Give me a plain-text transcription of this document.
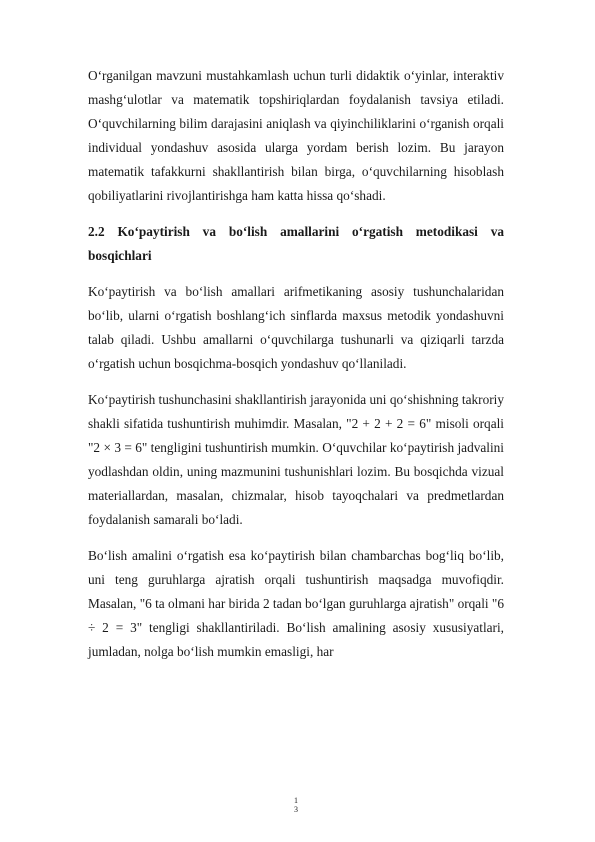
O‘rganilgan mavzuni mustahkamlash uchun turli didaktik o‘yinlar, interaktiv mashg‘ulotlar va matematik topshiriqlardan foydalanish tavsiya etiladi. O‘quvchilarning bilim darajasini aniqlash va qiyinchiliklarini o‘rganish orqali individual yondashuv asosida ularga yordam berish lozim. Bu jarayon matematik tafakkurni shakllantirish bilan birga, o‘quvchilarning hisoblash qobiliyatlarini rivojlantirishga ham katta hissa qo‘shadi.

2.2 Ko‘paytirish va bo‘lish amallarini o‘rgatish metodikasi va bosqichlari

Ko‘paytirish va bo‘lish amallari arifmetikaning asosiy tushunchalaridan bo‘lib, ularni o‘rgatish boshlang‘ich sinflarda maxsus metodik yondashuvni talab qiladi. Ushbu amallarni o‘quvchilarga tushunarli va qiziqarli tarzda o‘rgatish uchun bosqichma-bosqich yondashuv qo‘llaniladi.

Ko‘paytirish tushunchasini shakllantirish jarayonida uni qo‘shishning takroriy shakli sifatida tushuntirish muhimdir. Masalan, "2 + 2 + 2 = 6" misoli orqali "2 × 3 = 6" tengligini tushuntirish mumkin. O‘quvchilar ko‘paytirish jadvalini yodlashdan oldin, uning mazmunini tushunishlari lozim. Bu bosqichda vizual materiallardan, masalan, chizmalar, hisob tayoqchalari va predmetlardan foydalanish samarali bo‘ladi.

Bo‘lish amalini o‘rgatish esa ko‘paytirish bilan chambarchas bog‘liq bo‘lib, uni teng guruhlarga ajratish orqali tushuntirish maqsadga muvofiqdir. Masalan, "6 ta olmani har birida 2 tadan bo‘lgan guruhlarga ajratish" orqali "6 ÷ 2 = 3" tengligi shakllantiriladi. Bo‘lish amalining asosiy xususiyatlari, jumladan, nolga bo‘lish mumkin emasligi, har

1
3
